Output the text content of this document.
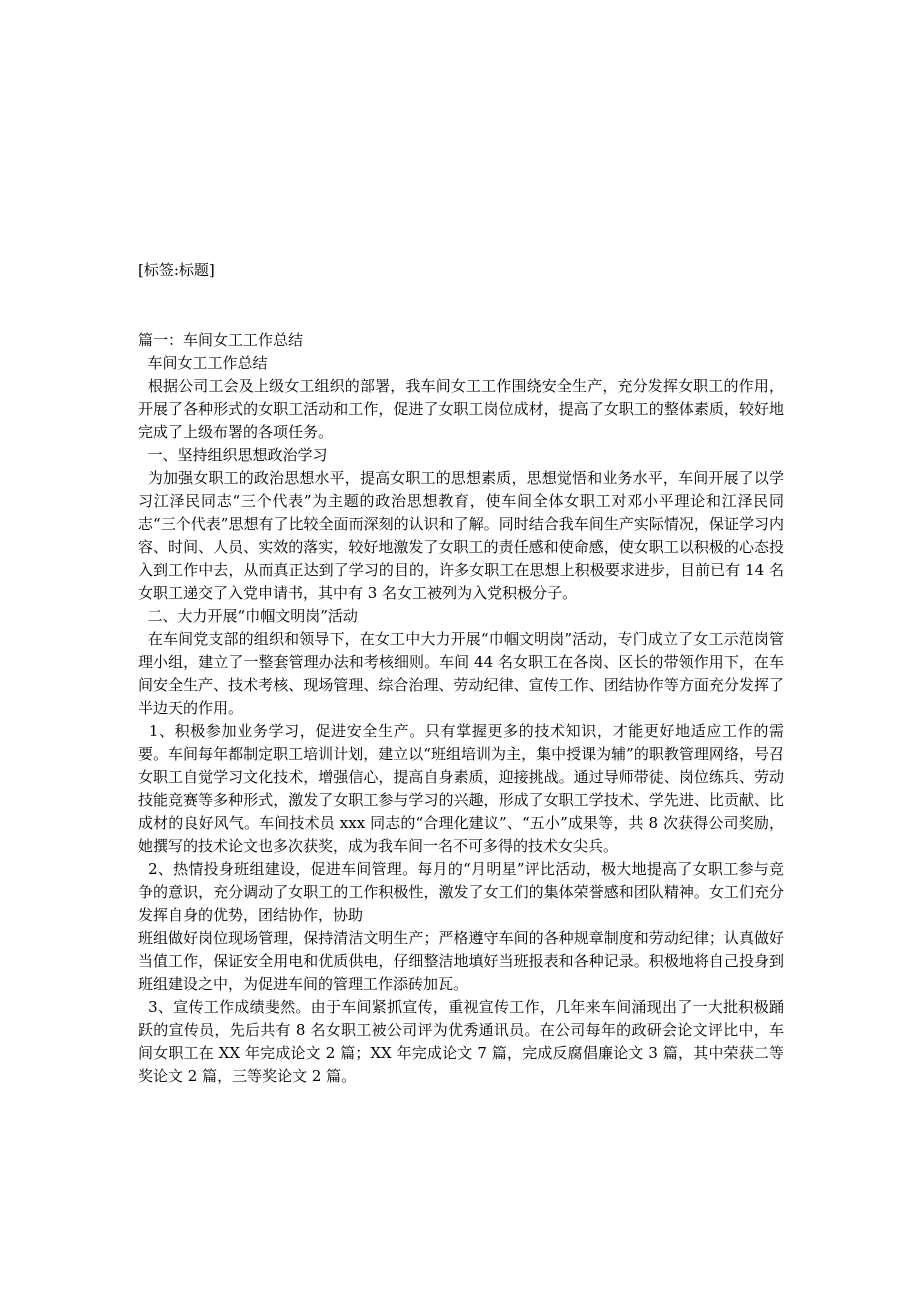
[标签:标题]

篇一：车间女工工作总结

车间女工工作总结

根据公司工会及上级女工组织的部署，我车间女工工作围绕安全生产，充分发挥女职工的作用，开展了各种形式的女职工活动和工作，促进了女职工岗位成材，提高了女职工的整体素质，较好地完成了上级布署的各项任务。

一、坚持组织思想政治学习

为加强女职工的政治思想水平，提高女职工的思想素质，思想觉悟和业务水平，车间开展了以学习江泽民同志“三个代表”为主题的政治思想教育，使车间全体女职工对邓小平理论和江泽民同志“三个代表”思想有了比较全面而深刻的认识和了解。同时结合我车间生产实际情况，保证学习内容、时间、人员、实效的落实，较好地激发了女职工的责任感和使命感，使女职工以积极的心态投入到工作中去，从而真正达到了学习的目的，许多女职工在思想上积极要求进步，目前已有 14 名女职工递交了入党申请书，其中有 3 名女工被列为入党积极分子。

二、大力开展“巾帼文明岗”活动

在车间党支部的组织和领导下，在女工中大力开展“巾帼文明岗”活动，专门成立了女工示范岗管理小组，建立了一整套管理办法和考核细则。车间 44 名女职工在各岗、区长的带领作用下，在车间安全生产、技术考核、现场管理、综合治理、劳动纪律、宣传工作、团结协作等方面充分发挥了半边天的作用。

1、积极参加业务学习，促进安全生产。只有掌握更多的技术知识，才能更好地适应工作的需要。车间每年都制定职工培训计划，建立以“班组培训为主，集中授课为辅”的职教管理网络，号召女职工自觉学习文化技术，增强信心，提高自身素质，迎接挑战。通过导师带徒、岗位练兵、劳动技能竞赛等多种形式，激发了女职工参与学习的兴趣，形成了女职工学技术、学先进、比贡献、比成材的良好风气。车间技术员 xxx 同志的“合理化建议”、“五小”成果等，共 8 次获得公司奖励，她撰写的技术论文也多次获奖，成为我车间一名不可多得的技术女尖兵。

2、热情投身班组建设，促进车间管理。每月的“月明星”评比活动，极大地提高了女职工参与竞争的意识，充分调动了女职工的工作积极性，激发了女工们的集体荣誉感和团队精神。女工们充分发挥自身的优势，团结协作，协助

班组做好岗位现场管理，保持清洁文明生产；严格遵守车间的各种规章制度和劳动纪律；认真做好当值工作，保证安全用电和优质供电，仔细整洁地填好当班报表和各种记录。积极地将自己投身到班组建设之中，为促进车间的管理工作添砖加瓦。

3、宣传工作成绩斐然。由于车间紧抓宣传，重视宣传工作，几年来车间涌现出了一大批积极踊跃的宣传员，先后共有 8 名女职工被公司评为优秀通讯员。在公司每年的政研会论文评比中，车间女职工在 XX 年完成论文 2 篇；XX 年完成论文 7 篇，完成反腐倡廉论文 3 篇，其中荣获二等奖论文 2 篇，三等奖论文 2 篇。
